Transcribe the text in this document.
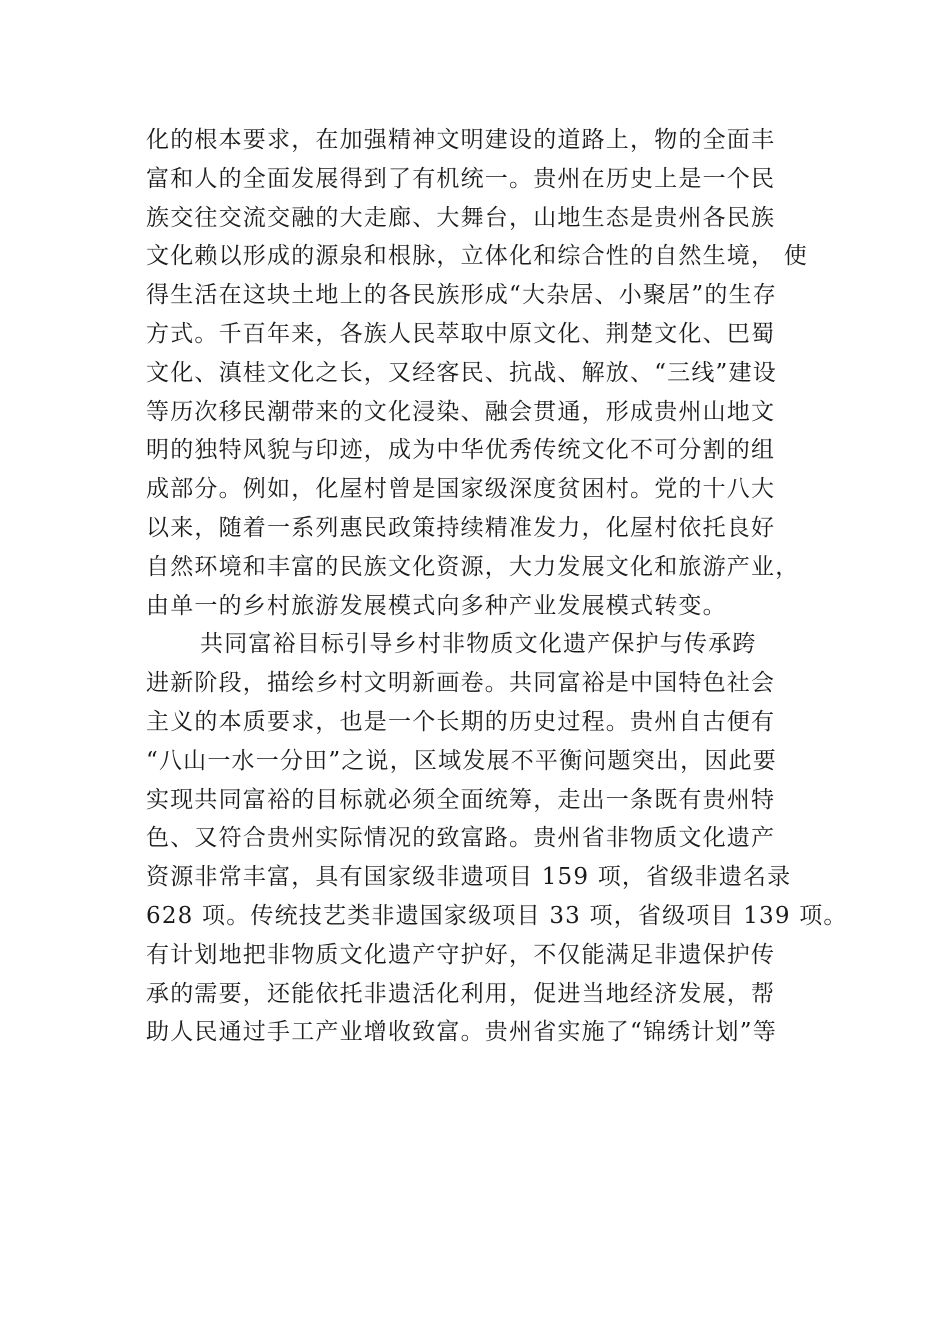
化的根本要求，在加强精神文明建设的道路上，物的全面丰
富和人的全面发展得到了有机统一。贵州在历史上是一个民
族交往交流交融的大走廊、大舞台，山地生态是贵州各民族
文化赖以形成的源泉和根脉，立体化和综合性的自然生境， 使
得生活在这块土地上的各民族形成“大杂居、小聚居”的生存
方式。千百年来，各族人民萃取中原文化、荆楚文化、巴蜀
文化、滇桂文化之长，又经客民、抗战、解放、“三线”建设
等历次移民潮带来的文化浸染、融会贯通，形成贵州山地文
明的独特风貌与印迹，成为中华优秀传统文化不可分割的组
成部分。例如，化屋村曾是国家级深度贫困村。党的十八大
以来，随着一系列惠民政策持续精准发力，化屋村依托良好
自然环境和丰富的民族文化资源，大力发展文化和旅游产业，
由单一的乡村旅游发展模式向多种产业发展模式转变。
共同富裕目标引导乡村非物质文化遗产保护与传承跨
进新阶段，描绘乡村文明新画卷。共同富裕是中国特色社会
主义的本质要求，也是一个长期的历史过程。贵州自古便有
“八山一水一分田”之说，区域发展不平衡问题突出，因此要
实现共同富裕的目标就必须全面统筹，走出一条既有贵州特
色、又符合贵州实际情况的致富路。贵州省非物质文化遗产
资源非常丰富，具有国家级非遗项目 159 项，省级非遗名录
628 项。传统技艺类非遗国家级项目 33 项，省级项目 139 项。
有计划地把非物质文化遗产守护好，不仅能满足非遗保护传
承的需要，还能依托非遗活化利用，促进当地经济发展，帮
助人民通过手工产业增收致富。贵州省实施了“锦绣计划”等
